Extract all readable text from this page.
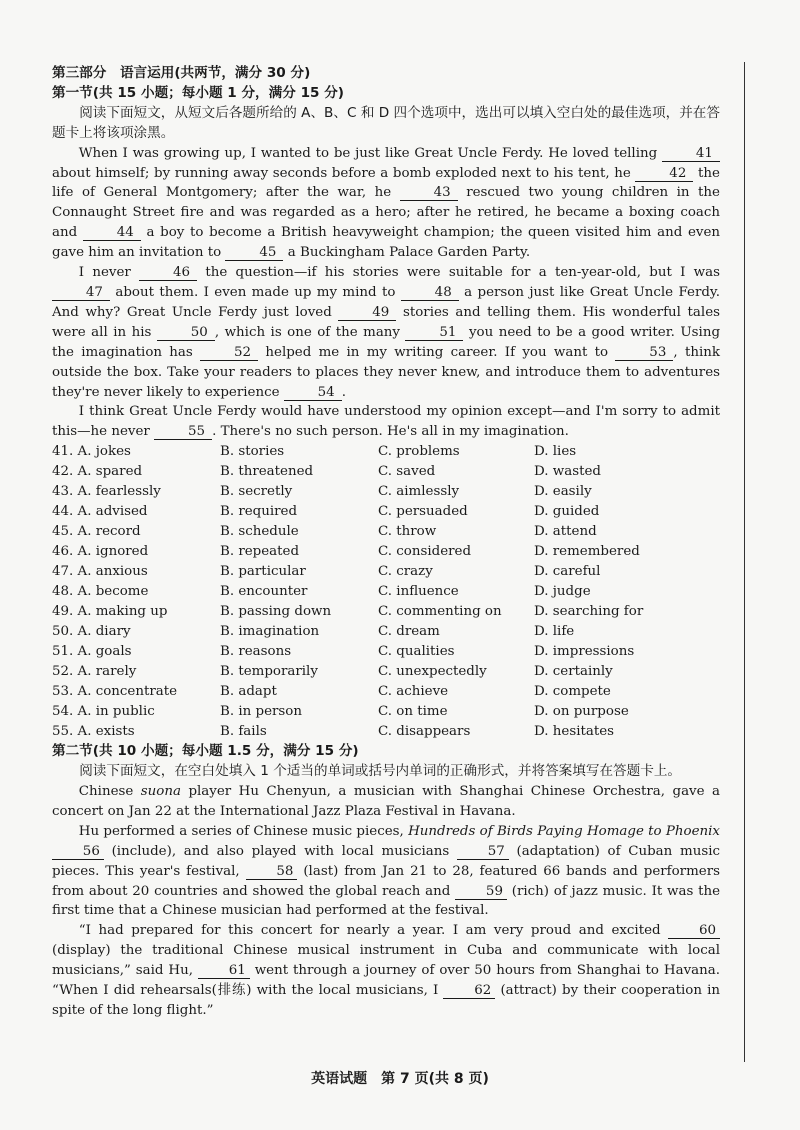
第三部分　语言运用(共两节，满分 30 分)
第一节(共 15 小题；每小题 1 分，满分 15 分)

阅读下面短文，从短文后各题所给的 A、B、C 和 D 四个选项中，选出可以填入空白处的最佳选项，并在答题卡上将该项涂黑。

When I was growing up, I wanted to be just like Great Uncle Ferdy. He loved telling	41 about himself; by running away seconds before a bomb exploded next to his tent, he	42 the life of General Montgomery; after the war, he	43 rescued two young children in the Connaught Street fire and was regarded as a hero; after he retired, he became a boxing coach and	44 a boy to become a British heavyweight champion; the queen visited him and even gave him an invitation to	45 a Buckingham Palace Garden Party.

I never	46 the question—if his stories were suitable for a ten-year-old, but I was 47 about them. I even made up my mind to	48 a person just like Great Uncle Ferdy. And why? Great Uncle Ferdy just loved	49 stories and telling them. His wonderful tales were all in his	50 , which is one of the many	51 you need to be a good writer. Using the imagination has	52 helped me in my writing career. If you want to	53 , think outside the box. Take your readers to places they never knew, and introduce them to adventures they're never likely to experience	54 .

I think Great Uncle Ferdy would have understood my opinion except—and I'm sorry to admit this—he never	55 . There's no such person. He's all in my imagination.

41. A. jokes	B. stories	C. problems	D. lies
42. A. spared	B. threatened	C. saved	D. wasted
43. A. fearlessly	B. secretly	C. aimlessly	D. easily
44. A. advised	B. required	C. persuaded	D. guided
45. A. record	B. schedule	C. throw	D. attend
46. A. ignored	B. repeated	C. considered	D. remembered
47. A. anxious	B. particular	C. crazy	D. careful
48. A. become	B. encounter	C. influence	D. judge
49. A. making up	B. passing down	C. commenting on	D. searching for
50. A. diary	B. imagination	C. dream	D. life
51. A. goals	B. reasons	C. qualities	D. impressions
52. A. rarely	B. temporarily	C. unexpectedly	D. certainly
53. A. concentrate	B. adapt	C. achieve	D. compete
54. A. in public	B. in person	C. on time	D. on purpose
55. A. exists	B. fails	C. disappears	D. hesitates
第二节(共 10 小题；每小题 1.5 分，满分 15 分)

阅读下面短文，在空白处填入 1 个适当的单词或括号内单词的正确形式，并将答案填写在答题卡上。

Chinese suona player Hu Chenyun, a musician with Shanghai Chinese Orchestra, gave a concert on Jan 22 at the International Jazz Plaza Festival in Havana.

Hu performed a series of Chinese music pieces, Hundreds of Birds Paying Homage to Phoenix 56 (include), and also played with local musicians	57 (adaptation) of Cuban music pieces. This year's festival,	58 (last) from Jan 21 to 28, featured 66 bands and performers from about 20 countries and showed the global reach and	59 (rich) of jazz music. It was the first time that a Chinese musician had performed at the festival.

“I had prepared for this concert for nearly a year. I am very proud and excited	60 (display) the traditional Chinese musical instrument in Cuba and communicate with local musicians,” said Hu,	61 went through a journey of over 50 hours from Shanghai to Havana. “When I did rehearsals(排练) with the local musicians, I	62 (attract) by their cooperation in spite of the long flight.”

英语试题　第 7 页(共 8 页)
